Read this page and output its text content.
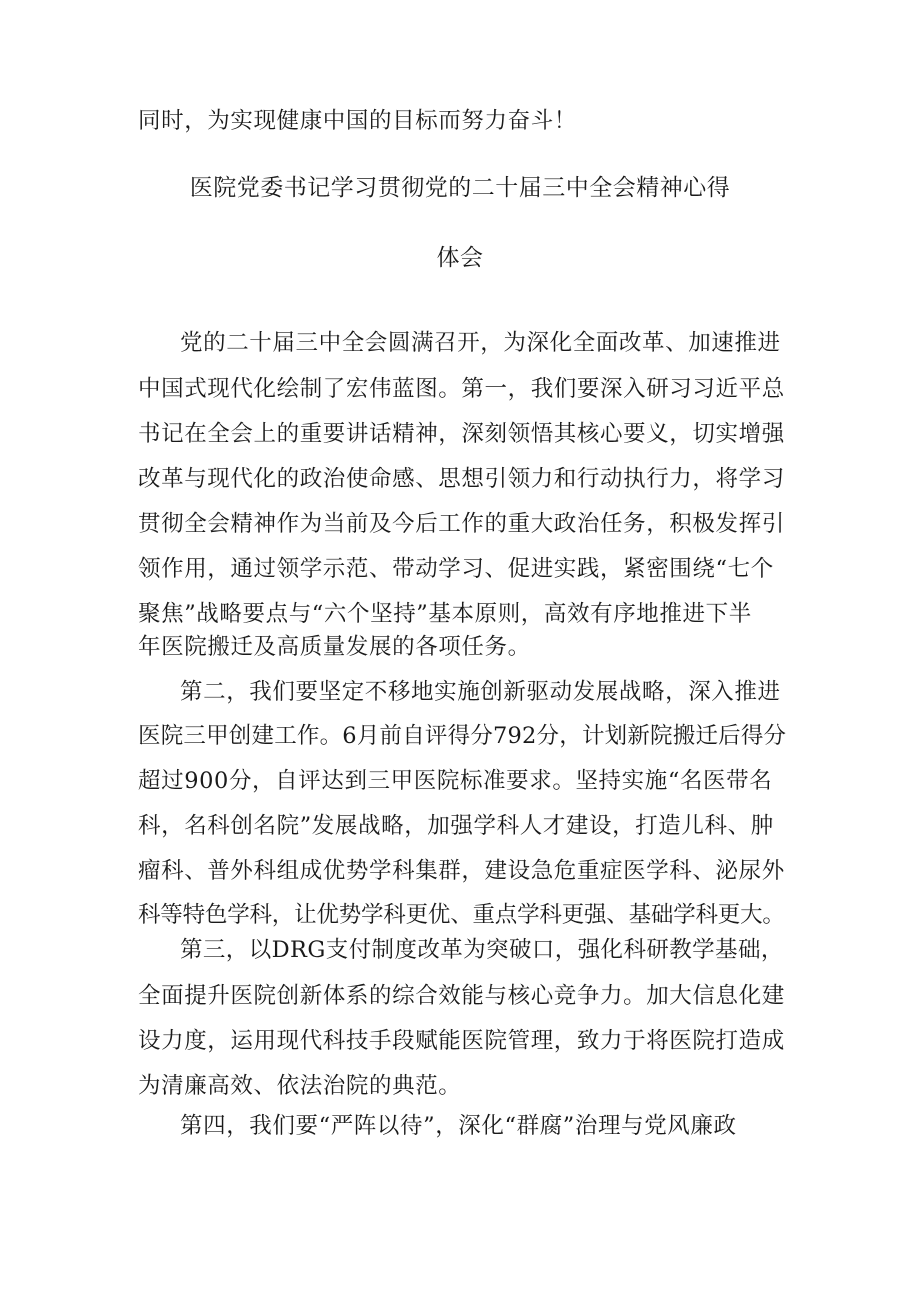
同时，为实现健康中国的目标而努力奋斗！
医院党委书记学习贯彻党的二十届三中全会精神心得
体会
党的二十届三中全会圆满召开，为深化全面改革、加速推进
中国式现代化绘制了宏伟蓝图。第一，我们要深入研习习近平总
书记在全会上的重要讲话精神，深刻领悟其核心要义，切实增强
改革与现代化的政治使命感、思想引领力和行动执行力，将学习
贯彻全会精神作为当前及今后工作的重大政治任务，积极发挥引
领作用，通过领学示范、带动学习、促进实践，紧密围绕“七个
聚焦”战略要点与“六个坚持”基本原则，高效有序地推进下半
年医院搬迁及高质量发展的各项任务。
第二，我们要坚定不移地实施创新驱动发展战略，深入推进
医院三甲创建工作。6月前自评得分792分，计划新院搬迁后得分
超过900分，自评达到三甲医院标准要求。坚持实施“名医带名
科，名科创名院”发展战略，加强学科人才建设，打造儿科、肿
瘤科、普外科组成优势学科集群，建设急危重症医学科、泌尿外
科等特色学科，让优势学科更优、重点学科更强、基础学科更大。
第三，以DRG支付制度改革为突破口，强化科研教学基础，
全面提升医院创新体系的综合效能与核心竞争力。加大信息化建
设力度，运用现代科技手段赋能医院管理，致力于将医院打造成
为清廉高效、依法治院的典范。
第四，我们要“严阵以待”，深化“群腐”治理与党风廉政
